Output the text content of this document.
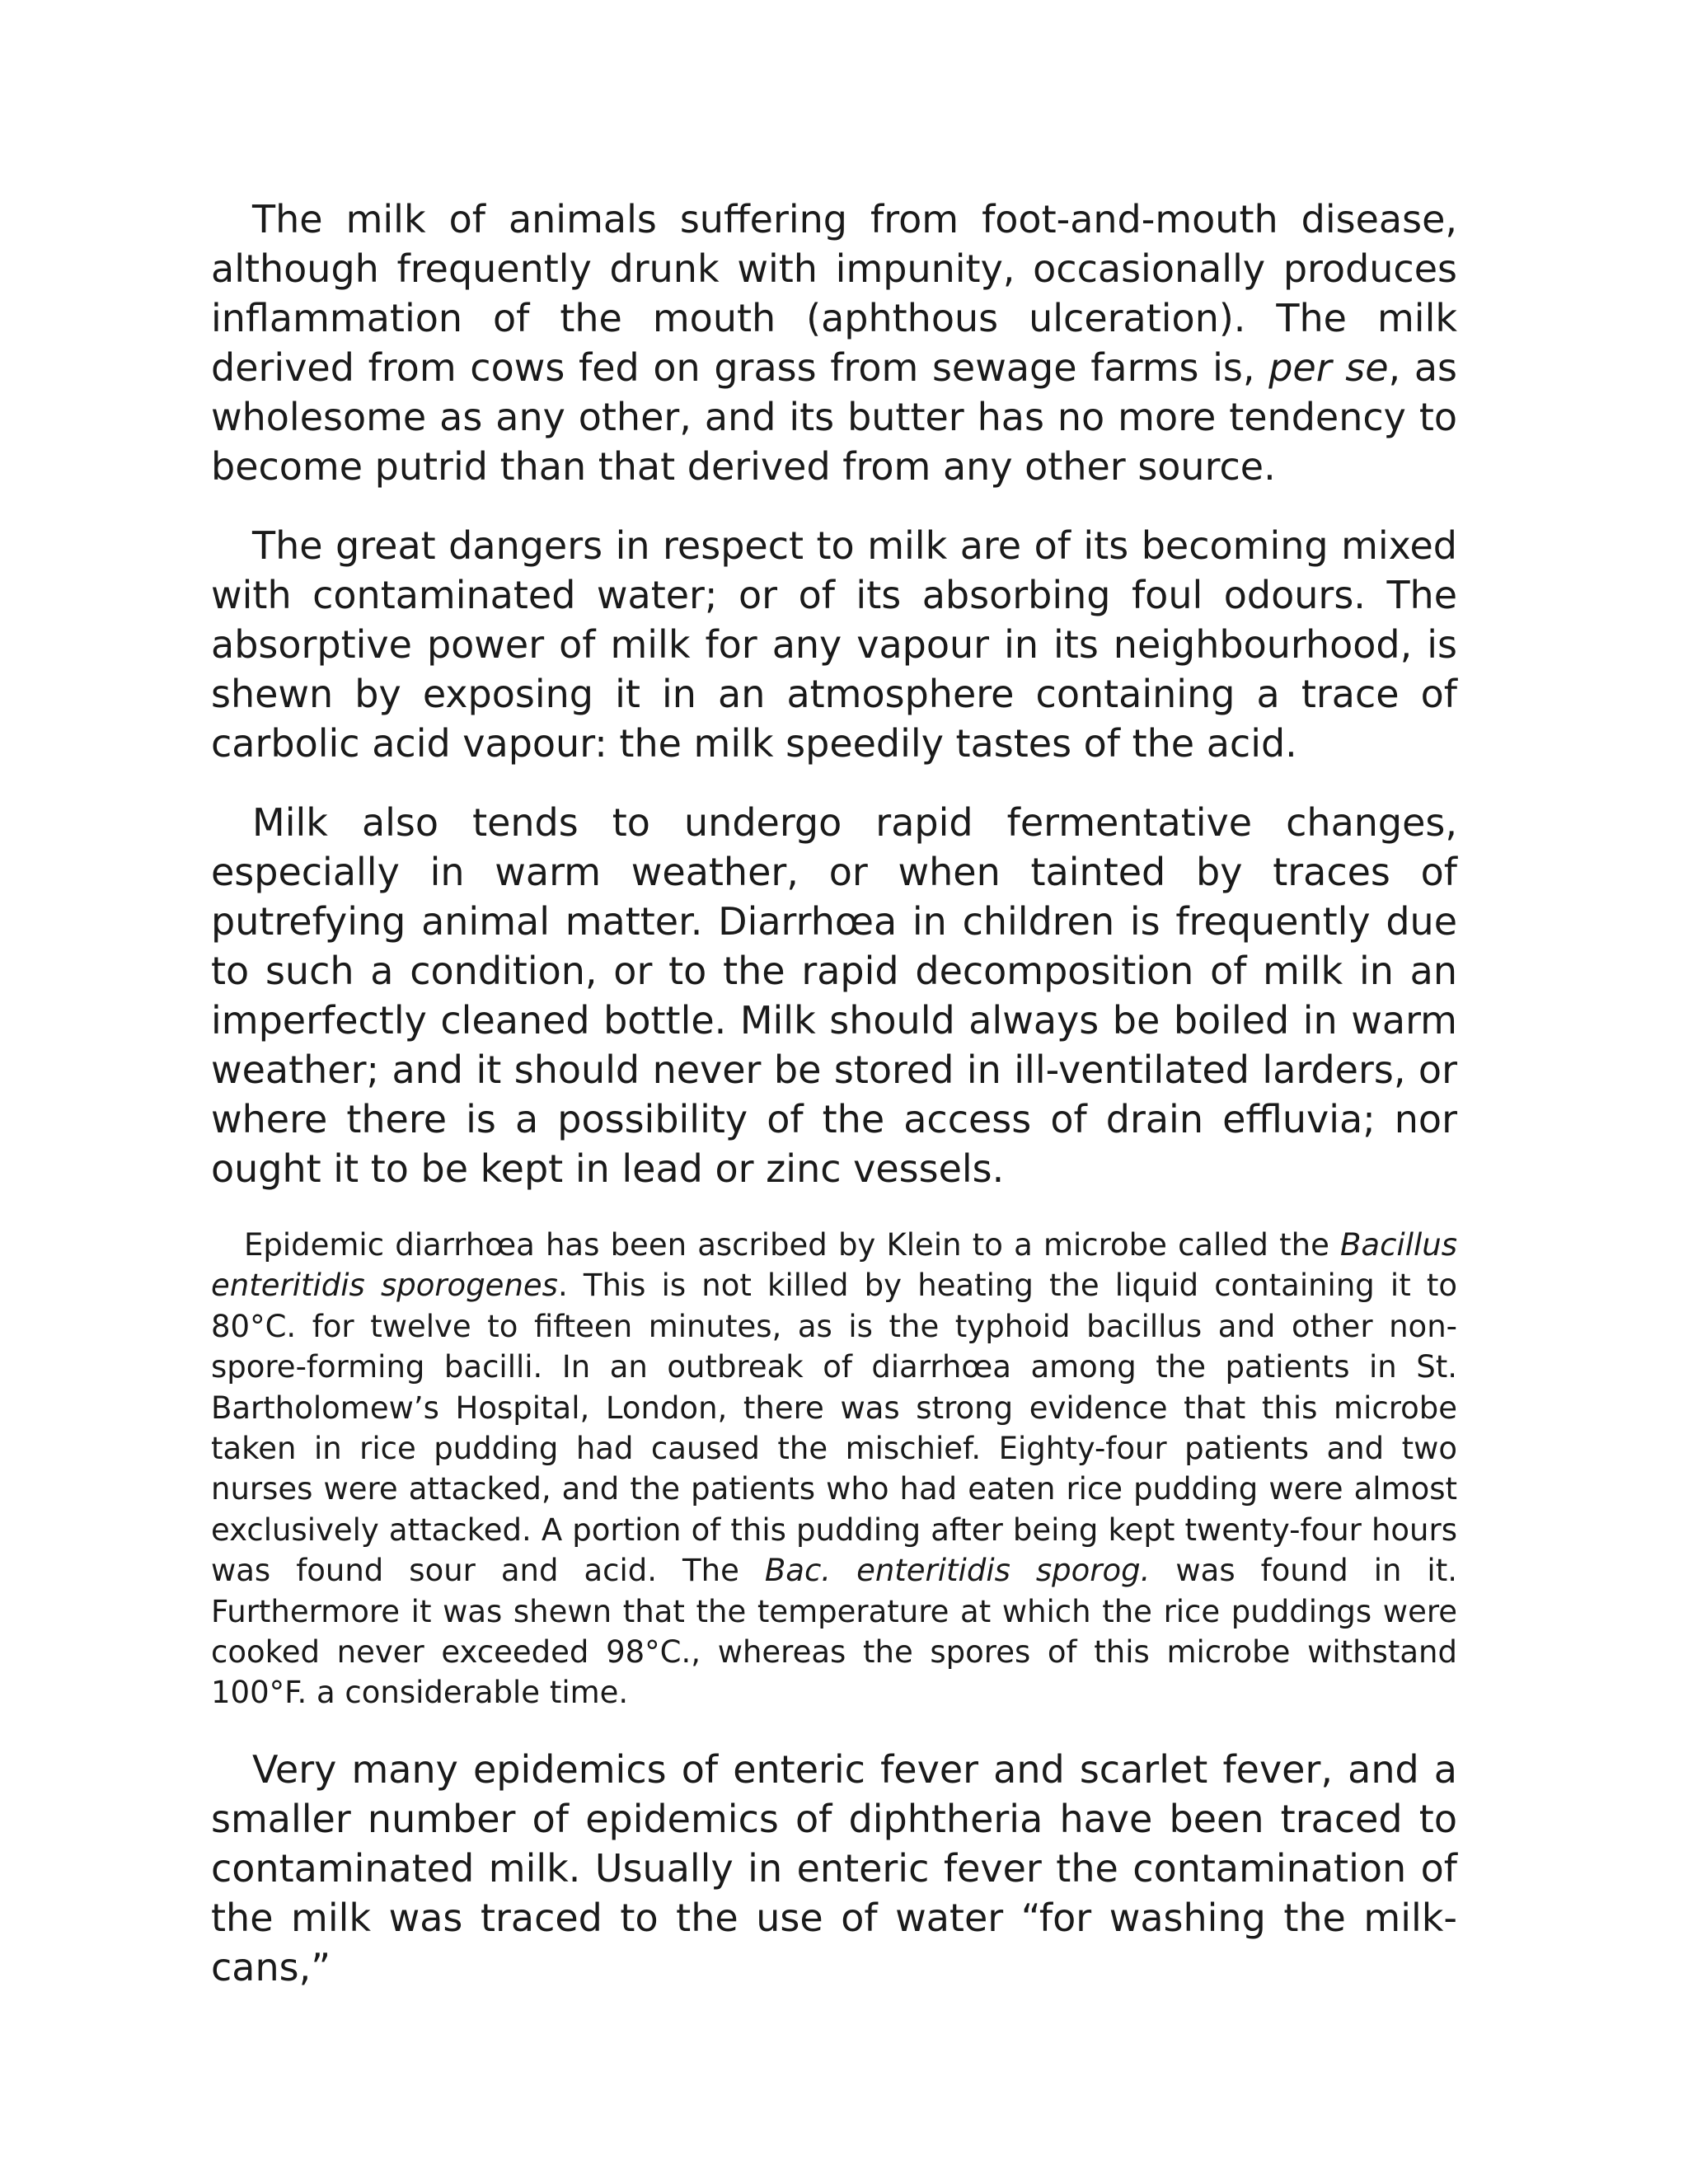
The milk of animals suffering from foot-and-mouth disease, although frequently drunk with impunity, occasionally produces inflammation of the mouth (aphthous ulceration). The milk derived from cows fed on grass from sewage farms is, per se, as wholesome as any other, and its butter has no more tendency to become putrid than that derived from any other source.

The great dangers in respect to milk are of its becoming mixed with contaminated water; or of its absorbing foul odours. The absorptive power of milk for any vapour in its neighbourhood, is shewn by exposing it in an atmosphere containing a trace of carbolic acid vapour: the milk speedily tastes of the acid.

Milk also tends to undergo rapid fermentative changes, especially in warm weather, or when tainted by traces of putrefying animal matter. Diarrhœa in children is frequently due to such a condition, or to the rapid decomposition of milk in an imperfectly cleaned bottle. Milk should always be boiled in warm weather; and it should never be stored in ill-ventilated larders, or where there is a possibility of the access of drain effluvia; nor ought it to be kept in lead or zinc vessels.

Epidemic diarrhœa has been ascribed by Klein to a microbe called the Bacillus enteritidis sporogenes. This is not killed by heating the liquid containing it to 80°C. for twelve to fifteen minutes, as is the typhoid bacillus and other non-spore-forming bacilli. In an outbreak of diarrhœa among the patients in St. Bartholomew’s Hospital, London, there was strong evidence that this microbe taken in rice pudding had caused the mischief. Eighty-four patients and two nurses were attacked, and the patients who had eaten rice pudding were almost exclusively attacked. A portion of this pudding after being kept twenty-four hours was found sour and acid. The Bac. enteritidis sporog. was found in it. Furthermore it was shewn that the temperature at which the rice puddings were cooked never exceeded 98°C., whereas the spores of this microbe withstand 100°F. a considerable time.

Very many epidemics of enteric fever and scarlet fever, and a smaller number of epidemics of diphtheria have been traced to contaminated milk. Usually in enteric fever the contamination of the milk was traced to the use of water “for washing the milk-cans,”
